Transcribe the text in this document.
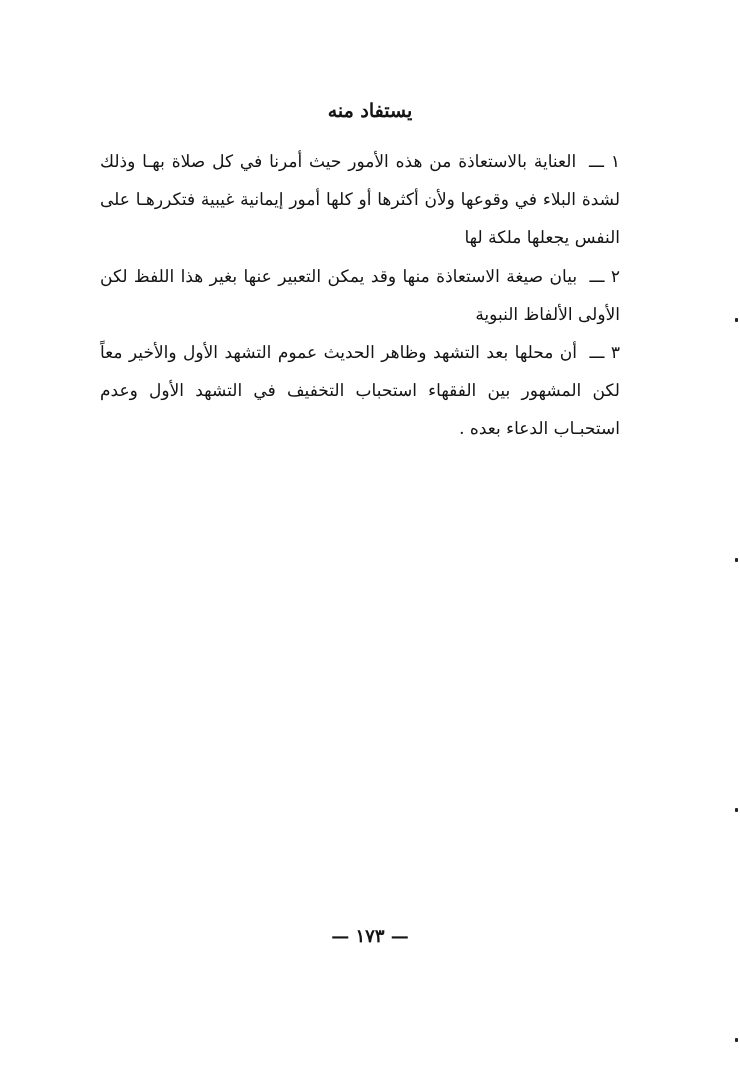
يستفاد منه

١ ـــ العناية بالاستعاذة من هذه الأمور حيث أمرنا في كل صلاة بهـا وذلك لشدة البلاء في وقوعها ولأن أكثرها أو كلها أمور إيمانية غيبية فتكررهـا على النفس يجعلها ملكة لها

٢ ـــ بيان صيغة الاستعاذة منها وقد يمكن التعبير عنها بغير هذا اللفظ لكن الأولى الألفاظ النبوية

٣ ـــ أن محلها بعد التشهد وظاهر الحديث عموم التشهد الأول والأخير معاً لكن المشهور بين الفقهاء استحباب التخفيف في التشهد الأول وعدم استحبـاب الدعاء بعده .

— ١٧٣ —
